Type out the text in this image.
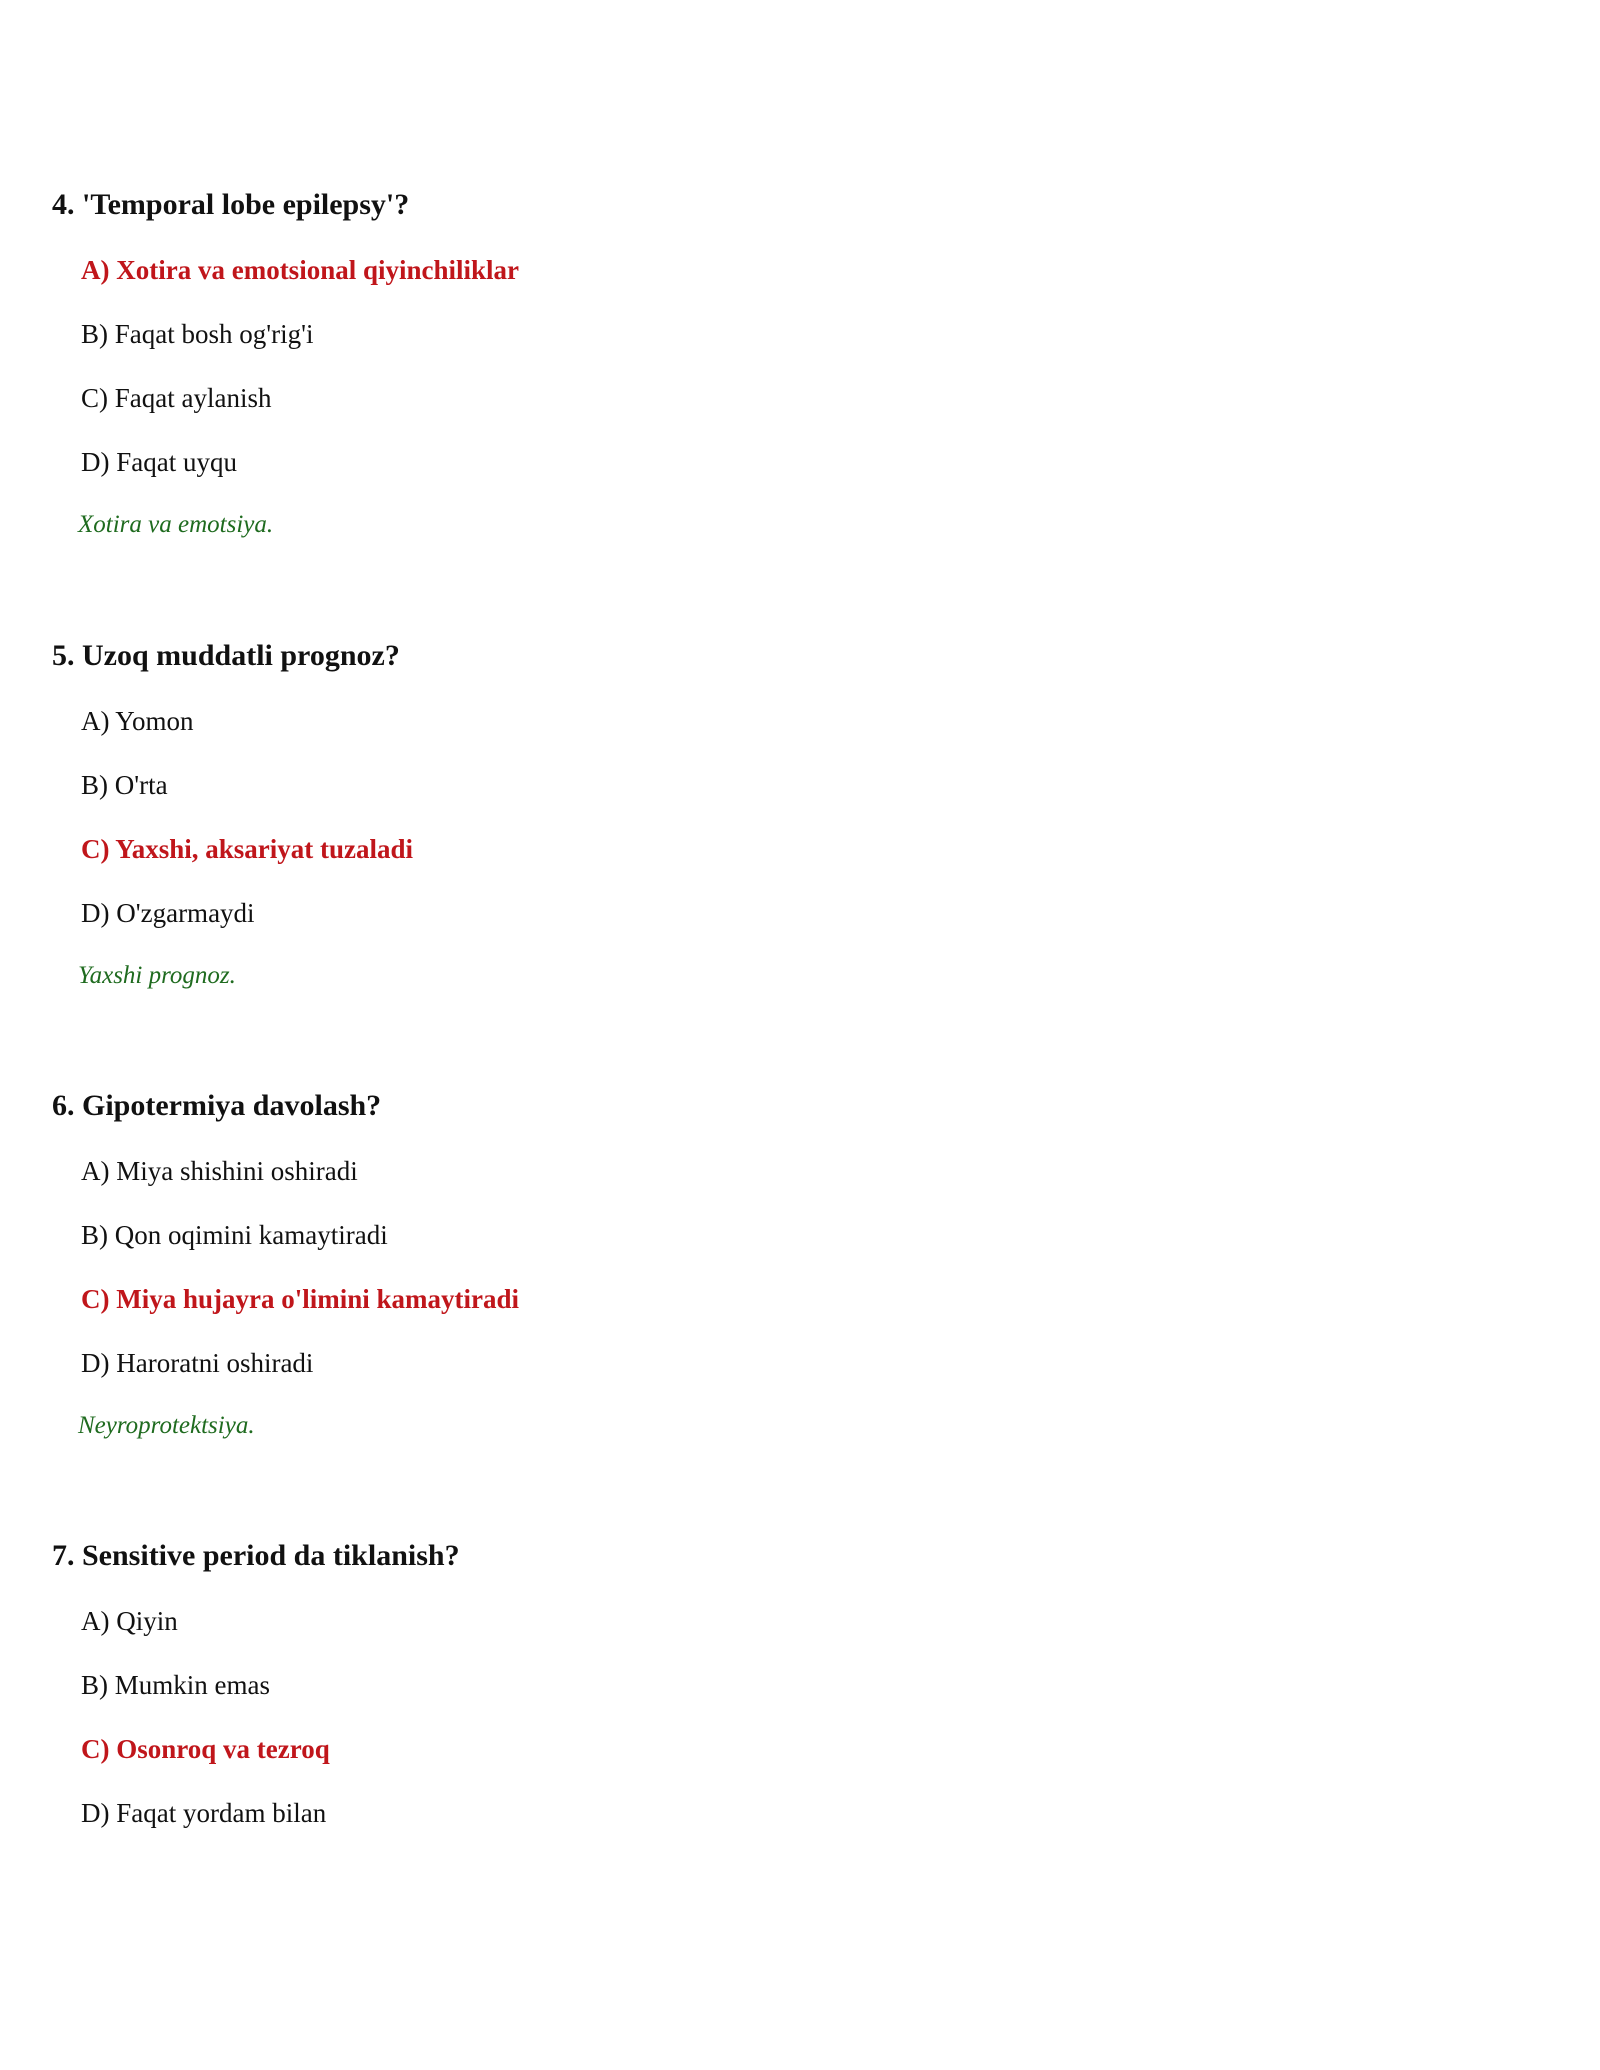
4. 'Temporal lobe epilepsy'?
A) Xotira va emotsional qiyinchiliklar
B) Faqat bosh og'rig'i
C) Faqat aylanish
D) Faqat uyqu
Xotira va emotsiya.
5. Uzoq muddatli prognoz?
A) Yomon
B) O'rta
C) Yaxshi, aksariyat tuzaladi
D) O'zgarmaydi
Yaxshi prognoz.
6. Gipotermiya davolash?
A) Miya shishini oshiradi
B) Qon oqimini kamaytiradi
C) Miya hujayra o'limini kamaytiradi
D) Haroratni oshiradi
Neyroprotektsiya.
7. Sensitive period da tiklanish?
A) Qiyin
B) Mumkin emas
C) Osonroq va tezroq
D) Faqat yordam bilan
